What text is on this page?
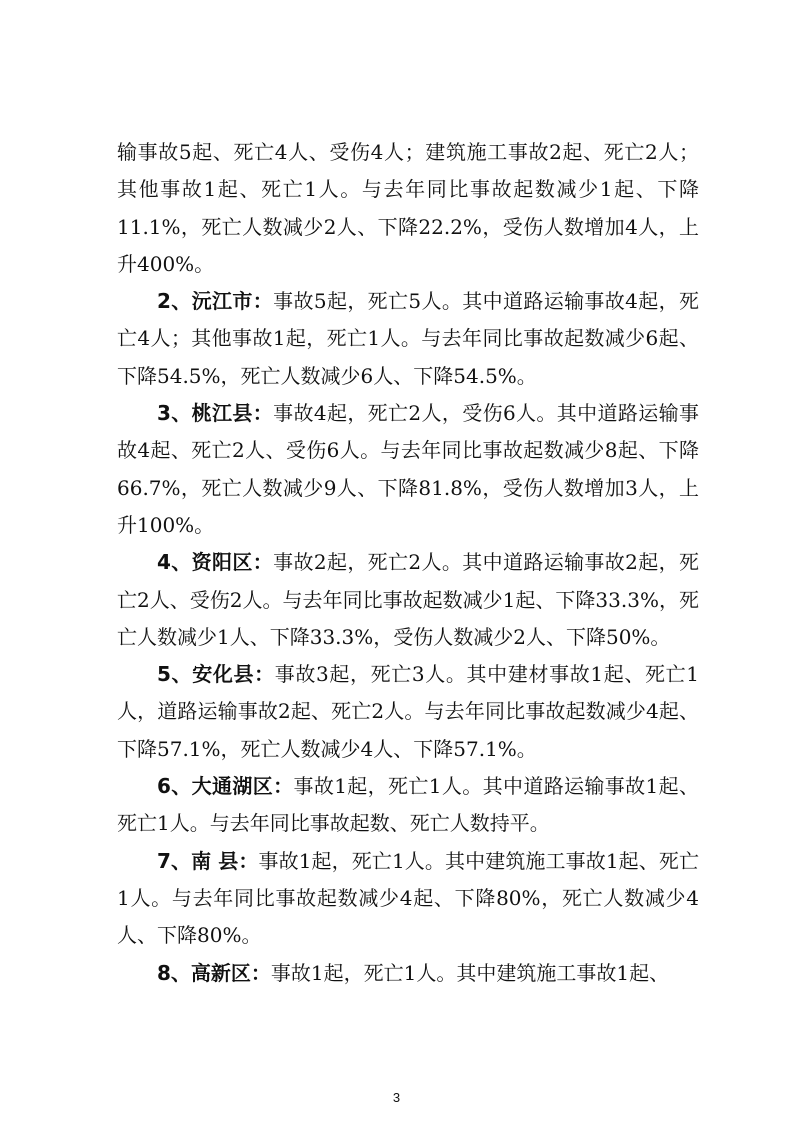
输事故5起、死亡4人、受伤4人；建筑施工事故2起、死亡2人；其他事故1起、死亡1人。与去年同比事故起数减少1起、下降11.1%，死亡人数减少2人、下降22.2%，受伤人数增加4人，上升400%。

2、沅江市：事故5起，死亡5人。其中道路运输事故4起，死亡4人；其他事故1起，死亡1人。与去年同比事故起数减少6起、下降54.5%，死亡人数减少6人、下降54.5%。

3、桃江县：事故4起，死亡2人，受伤6人。其中道路运输事故4起、死亡2人、受伤6人。与去年同比事故起数减少8起、下降66.7%，死亡人数减少9人、下降81.8%，受伤人数增加3人，上升100%。

4、资阳区：事故2起，死亡2人。其中道路运输事故2起，死亡2人、受伤2人。与去年同比事故起数减少1起、下降33.3%，死亡人数减少1人、下降33.3%，受伤人数减少2人、下降50%。

5、安化县：事故3起，死亡3人。其中建材事故1起、死亡1人，道路运输事故2起、死亡2人。与去年同比事故起数减少4起、下降57.1%，死亡人数减少4人、下降57.1%。

6、大通湖区：事故1起，死亡1人。其中道路运输事故1起、死亡1人。与去年同比事故起数、死亡人数持平。

7、南 县：事故1起，死亡1人。其中建筑施工事故1起、死亡1人。与去年同比事故起数减少4起、下降80%，死亡人数减少4人、下降80%。

8、高新区：事故1起，死亡1人。其中建筑施工事故1起、

3
